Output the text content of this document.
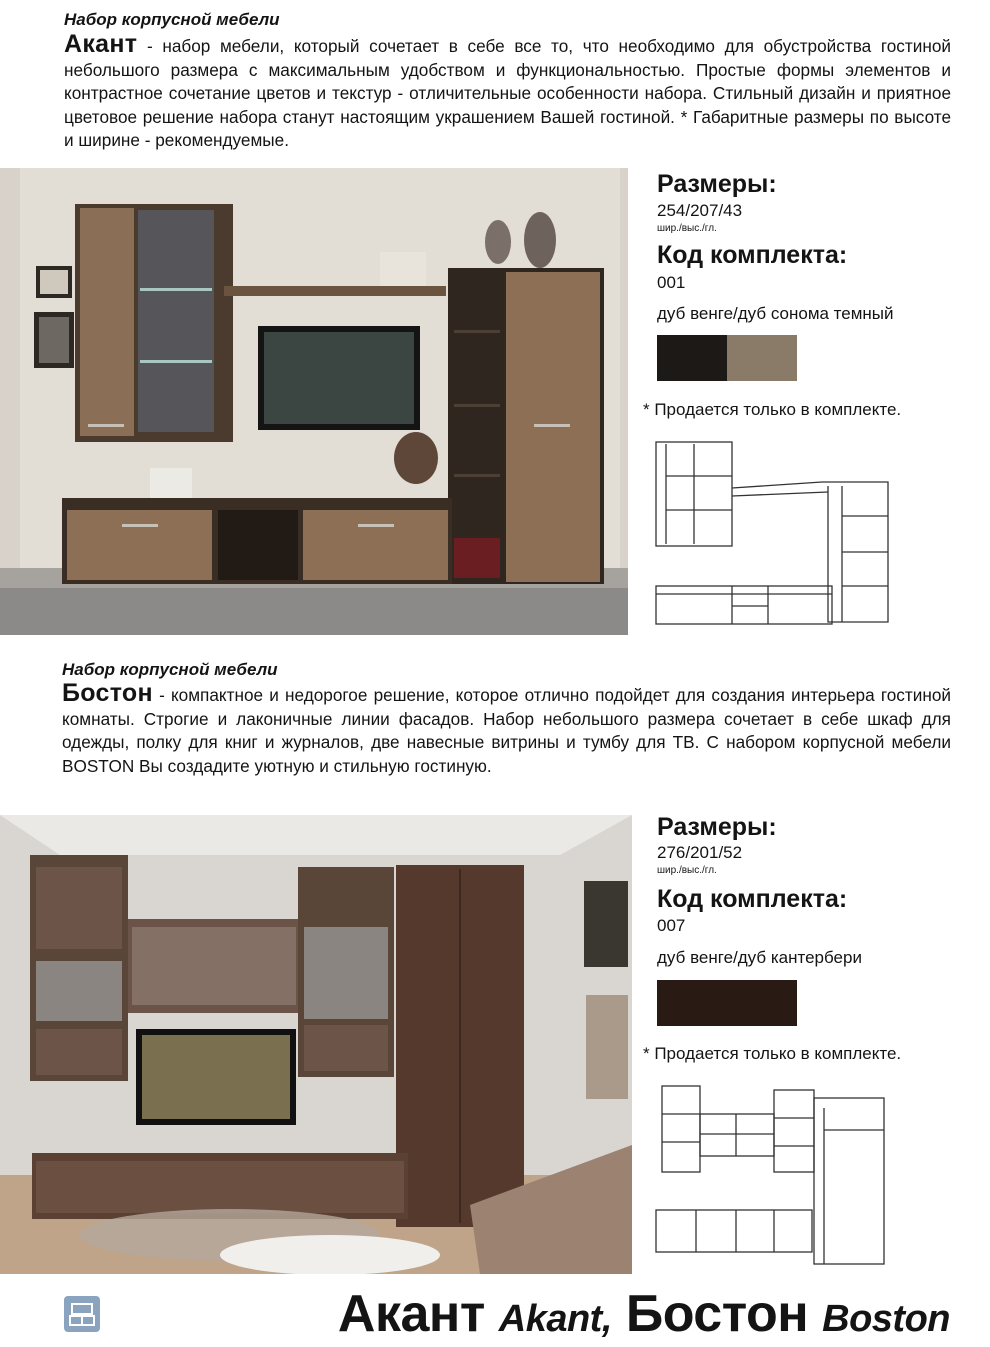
Набор корпусной мебели
Акант - набор мебели, который сочетает в себе все то, что необходимо для обустройства гостиной небольшого размера с максимальным удобством и функциональностью. Простые формы элементов и контрастное сочетание цветов и текстур - отличительные особенности набора. Стильный дизайн и приятное цветовое решение набора станут настоящим украшением Вашей гостиной. * Габаритные размеры по высоте и ширине - рекомендуемые.
Размеры:
254/207/43
шир./выс./гл.
Код комплекта:
001
дуб венге/дуб сонома темный
* Продается только в комплекте.
Набор корпусной мебели
Бостон - компактное и недорогое решение, которое отлично подойдет для создания интерьера гостиной комнаты. Строгие и лаконичные линии фасадов. Набор небольшого размера сочетает в себе шкаф для одежды, полку для книг и журналов, две навесные витрины и тумбу для ТВ. С набором корпусной мебели BOSTON Вы создадите уютную и стильную гостиную.
Размеры:
276/201/52
шир./выс./гл.
Код комплекта:
007
дуб венге/дуб кантербери
* Продается только в комплекте.
Акант Akant, Бостон Boston
